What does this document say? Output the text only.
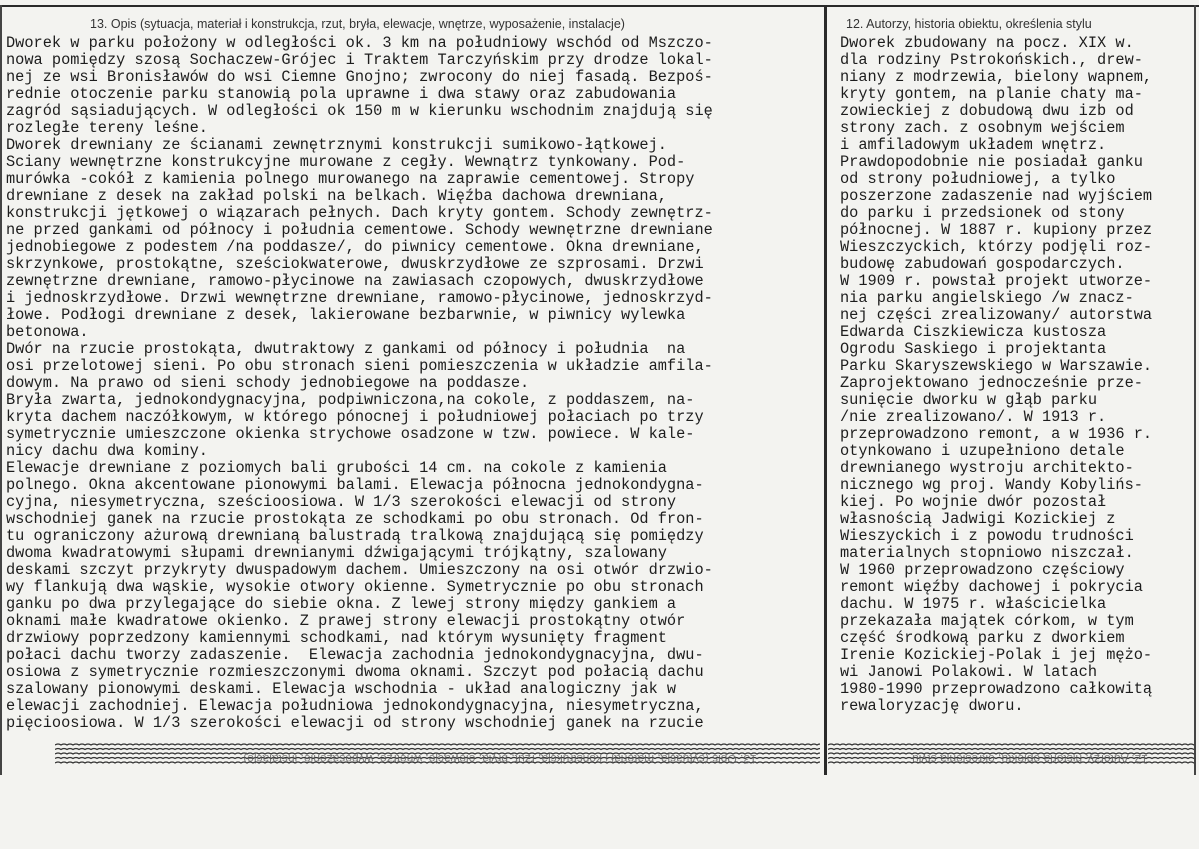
13. Opis (sytuacja, materiał i konstrukcja, rzut, bryła, elewacje, wnętrze, wyposażenie, instalacje)	12. Autorzy, historia obiektu, określenia stylu
Dworek w parku położony w odległości ok. 3 km na południowy wschód od Mszczo-
nowa pomiędzy szosą Sochaczew-Grójec i Traktem Tarczyńskim przy drodze lokal-
nej ze wsi Bronisławów do wsi Ciemne Gnojno; zwrocony do niej fasadą. Bezpoś-
rednie otoczenie parku stanowią pola uprawne i dwa stawy oraz zabudowania
zagród sąsiadujących. W odległości ok 150 m w kierunku wschodnim znajdują się
rozległe tereny leśne.
Dworek drewniany ze ścianami zewnętrznymi konstrukcji sumikowo-łątkowej.
Sciany wewnętrzne konstrukcyjne murowane z cegły. Wewnątrz tynkowany. Pod-
murówka -cokół z kamienia polnego murowanego na zaprawie cementowej. Stropy
drewniane z desek na zakład polski na belkach. Więźba dachowa drewniana,
konstrukcji jętkowej o wiązarach pełnych. Dach kryty gontem. Schody zewnętrz-
ne przed gankami od północy i południa cementowe. Schody wewnętrzne drewniane
jednobiegowe z podestem /na poddasze/, do piwnicy cementowe. Okna drewniane,
skrzynkowe, prostokątne, sześciokwaterowe, dwuskrzydłowe ze szprosami. Drzwi
zewnętrzne drewniane, ramowo-płycinowe na zawiasach czopowych, dwuskrzydłowe
i jednoskrzydłowe. Drzwi wewnętrzne drewniane, ramowo-płycinowe, jednoskrzyd-
łowe. Podłogi drewniane z desek, lakierowane bezbarwnie, w piwnicy wylewka
betonowa.
Dwór na rzucie prostokąta, dwutraktowy z gankami od północy i południa  na
osi przelotowej sieni. Po obu stronach sieni pomieszczenia w układzie amfila-
dowym. Na prawo od sieni schody jednobiegowe na poddasze.
Bryła zwarta, jednokondygnacyjna, podpiwniczona,na cokole, z poddaszem, na-
kryta dachem naczółkowym, w którego pónocnej i południowej połaciach po trzy
symetrycznie umieszczone okienka strychowe osadzone w tzw. powiece. W kale-
nicy dachu dwa kominy.
Elewacje drewniane z poziomych bali grubości 14 cm. na cokole z kamienia
polnego. Okna akcentowane pionowymi balami. Elewacja północna jednokondygna-
cyjna, niesymetryczna, sześcioosiowa. W 1/3 szerokości elewacji od strony
wschodniej ganek na rzucie prostokąta ze schodkami po obu stronach. Od fron-
tu ograniczony ażurową drewnianą balustradą tralkową znajdującą się pomiędzy
dwoma kwadratowymi słupami drewnianymi dźwigającymi trójkątny, szalowany
deskami szczyt przykryty dwuspadowym dachem. Umieszczony na osi otwór drzwio-
wy flankują dwa wąskie, wysokie otwory okienne. Symetrycznie po obu stronach
ganku po dwa przylegające do siebie okna. Z lewej strony między gankiem a
oknami małe kwadratowe okienko. Z prawej strony elewacji prostokątny otwór
drzwiowy poprzedzony kamiennymi schodkami, nad którym wysunięty fragment
połaci dachu tworzy zadaszenie.  Elewacja zachodnia jednokondygnacyjna, dwu-
osiowa z symetrycznie rozmieszczonymi dwoma oknami. Szczyt pod połacią dachu
szalowany pionowymi deskami. Elewacja wschodnia - układ analogiczny jak w
elewacji zachodniej. Elewacja południowa jednokondygnacyjna, niesymetryczna,
pięcioosiowa. W 1/3 szerokości elewacji od strony wschodniej ganek na rzucie
Dworek zbudowany na pocz. XIX w.
dla rodziny Pstrokońskich., drew-
niany z modrzewia, bielony wapnem,
kryty gontem, na planie chaty ma-
zowieckiej z dobudową dwu izb od
strony zach. z osobnym wejściem
i amfiladowym układem wnętrz.
Prawdopodobnie nie posiadał ganku
od strony południowej, a tylko
poszerzone zadaszenie nad wyjściem
do parku i przedsionek od stony
północnej. W 1887 r. kupiony przez
Wieszczyckich, którzy podjęli roz-
budowę zabudowań gospodarczych.
W 1909 r. powstał projekt utworze-
nia parku angielskiego /w znacz-
nej części zrealizowany/ autorstwa
Edwarda Ciszkiewicza kustosza
Ogrodu Saskiego i projektanta
Parku Skaryszewskiego w Warszawie.
Zaprojektowano jednocześnie prze-
sunięcie dworku w głąb parku
/nie zrealizowano/. W 1913 r.
przeprowadzono remont, a w 1936 r.
otynkowano i uzupełniono detale
drewnianego wystroju architekto-
nicznego wg proj. Wandy Kobylińs-
kiej. Po wojnie dwór pozostał
własnością Jadwigi Kozickiej z
Wieszyckich i z powodu trudności
materialnych stopniowo niszczał.
W 1960 przeprowadzono częściowy
remont więźby dachowej i pokrycia
dachu. W 1975 r. właścicielka
przekazała majątek córkom, w tym
część środkową parku z dworkiem
Irenie Kozickiej-Polak i jej mężo-
wi Janowi Polakowi. W latach
1980-1990 przeprowadzono całkowitą
rewaloryzację dworu.
13. Opis (sytuacja, materiał i konstrukcja, rzut, bryła, elewacje, wnętrze, wyposażenie, instalacje)	12. Autorzy, historia obiektu, określenia stylu
